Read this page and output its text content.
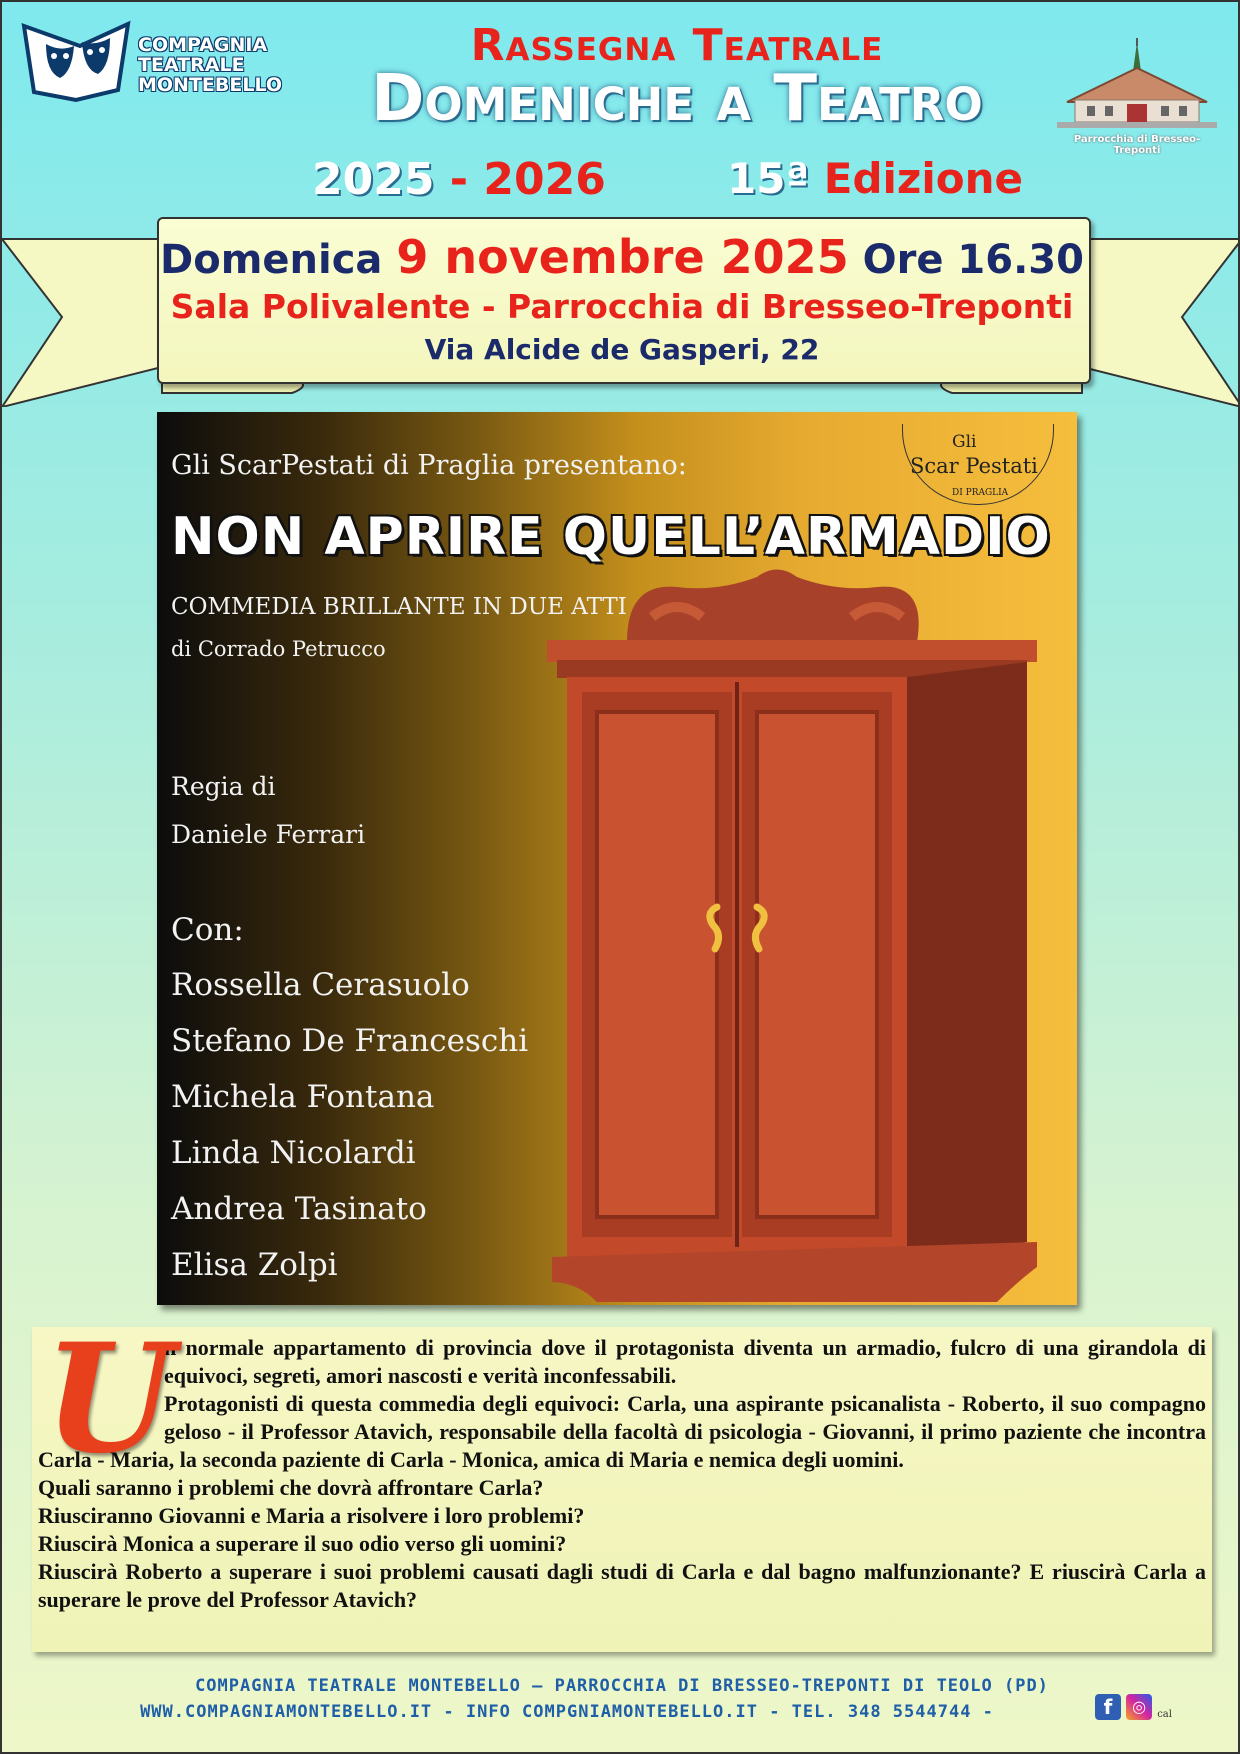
COMPAGNIA
TEATRALE
MONTEBELLO
Rassegna Teatrale
Domeniche a Teatro
2025 - 2026	15ª Edizione
Parrocchia di Bresseo-Treponti
Domenica 9 novembre 2025 Ore 16.30
Sala Polivalente - Parrocchia di Bresseo-Treponti
Via Alcide de Gasperi, 22
Gli ScarPestati di Praglia presentano:
Gli
Scar Pestati
DI PRAGLIA
NON APRIRE QUELL’ARMADIO
COMMEDIA BRILLANTE IN DUE ATTI
di Corrado Petrucco
Regia di
Daniele Ferrari
Con:
Rossella Cerasuolo
Stefano De Franceschi
Michela Fontana
Linda Nicolardi
Andrea Tasinato
Elisa Zolpi

n normale appartamento di provincia dove il protagonista diventa un armadio, fulcro di una girandola di equivoci, segreti, amori nascosti e verità inconfessabili.

Protagonisti di questa commedia degli equivoci: Carla, una aspirante psicanalista - Roberto, il suo compagno geloso - il Professor Atavich, responsabile della facoltà di psicologia - Giovanni, il primo paziente che incontra Carla - Maria, la seconda paziente di Carla - Monica, amica di Maria e nemica degli uomini.

Quali saranno i problemi che dovrà affrontare Carla?

Riusciranno Giovanni e Maria a risolvere i loro problemi?

Riuscirà Monica a superare il suo odio verso gli uomini?

Riuscirà Roberto a superare i suoi problemi causati dagli studi di Carla e dal bagno malfunzionante? E riuscirà Carla a superare le prove del Professor Atavich?

U
COMPAGNIA TEATRALE MONTEBELLO – PARROCCHIA DI BRESSEO-TREPONTI DI TEOLO (PD)
WWW.COMPAGNIAMONTEBELLO.IT - INFO COMPGNIAMONTEBELLO.IT - TEL. 348 5544744 -	f ◎ cal
